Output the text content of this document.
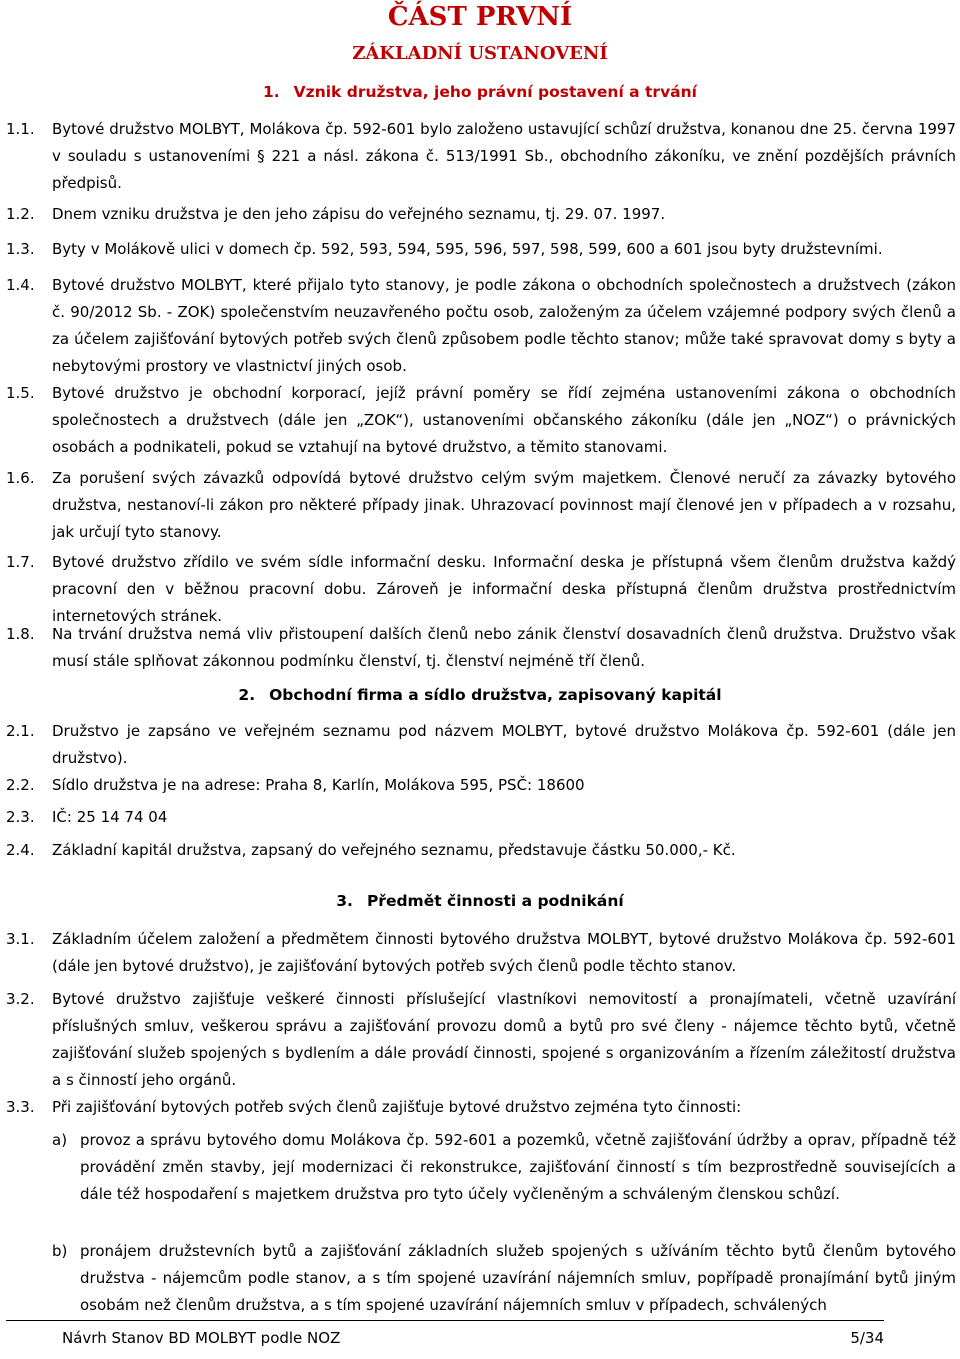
ČÁST PRVNÍ
ZÁKLADNÍ USTANOVENÍ
1. Vznik družstva, jeho právní postavení a trvání
1.1.	Bytové družstvo MOLBYT, Molákova čp. 592-601 bylo založeno ustavující schůzí družstva, konanou dne 25. června 1997 v souladu s ustanoveními § 221 a násl. zákona č. 513/1991 Sb., obchodního zákoníku, ve znění pozdějších právních předpisů.
1.2.	Dnem vzniku družstva je den jeho zápisu do veřejného seznamu, tj. 29. 07. 1997.
1.3.	Byty v Molákově ulici v domech čp. 592, 593, 594, 595, 596, 597, 598, 599, 600 a 601 jsou byty družstevními.
1.4.	Bytové družstvo MOLBYT, které přijalo tyto stanovy, je podle zákona o obchodních společnostech a družstvech (zákon č. 90/2012 Sb. - ZOK) společenstvím neuzavřeného počtu osob, založeným za účelem vzájemné podpory svých členů a za účelem zajišťování bytových potřeb svých členů způsobem podle těchto stanov; může také spravovat domy s byty a nebytovými prostory ve vlastnictví jiných osob.
1.5.	Bytové družstvo je obchodní korporací, jejíž právní poměry se řídí zejména ustanoveními zákona o obchodních společnostech a družstvech (dále jen „ZOK“), ustanoveními občanského zákoníku (dále jen „NOZ“) o právnických osobách a podnikateli, pokud se vztahují na bytové družstvo, a těmito stanovami.
1.6.	Za porušení svých závazků odpovídá bytové družstvo celým svým majetkem. Členové neručí za závazky bytového družstva, nestanoví-li zákon pro některé případy jinak. Uhrazovací povinnost mají členové jen v případech a v rozsahu, jak určují tyto stanovy.
1.7.	Bytové družstvo zřídilo ve svém sídle informační desku. Informační deska je přístupná všem členům družstva každý pracovní den v běžnou pracovní dobu. Zároveň je informační deska přístupná členům družstva prostřednictvím internetových stránek.
1.8.	Na trvání družstva nemá vliv přistoupení dalších členů nebo zánik členství dosavadních členů družstva. Družstvo však musí stále splňovat zákonnou podmínku členství, tj. členství nejméně tří členů.
2. Obchodní firma a sídlo družstva, zapisovaný kapitál
2.1.	Družstvo je zapsáno ve veřejném seznamu pod názvem MOLBYT, bytové družstvo Molákova čp. 592-601 (dále jen družstvo).
2.2.	Sídlo družstva je na adrese: Praha 8, Karlín, Molákova 595, PSČ: 18600
2.3.	IČ: 25 14 74 04
2.4.	Základní kapitál družstva, zapsaný do veřejného seznamu, představuje částku 50.000,- Kč.
3. Předmět činnosti a podnikání
3.1.	Základním účelem založení a předmětem činnosti bytového družstva MOLBYT, bytové družstvo Molákova čp. 592-601 (dále jen bytové družstvo), je zajišťování bytových potřeb svých členů podle těchto stanov.
3.2.	Bytové družstvo zajišťuje veškeré činnosti příslušející vlastníkovi nemovitostí a pronajímateli, včetně uzavírání příslušných smluv, veškerou správu a zajišťování provozu domů a bytů pro své členy - nájemce těchto bytů, včetně zajišťování služeb spojených s bydlením a dále provádí činnosti, spojené s organizováním a řízením záležitostí družstva a s činností jeho orgánů.
3.3.	Při zajišťování bytových potřeb svých členů zajišťuje bytové družstvo zejména tyto činnosti:
a) provoz a správu bytového domu Molákova čp. 592-601 a pozemků, včetně zajišťování údržby a oprav, případně též provádění změn stavby, její modernizaci či rekonstrukce, zajišťování činností s tím bezprostředně souvisejících a dále též hospodaření s majetkem družstva pro tyto účely vyčleněným a schváleným členskou schůzí.
b) pronájem družstevních bytů a zajišťování základních služeb spojených s užíváním těchto bytů členům bytového družstva - nájemcům podle stanov, a s tím spojené uzavírání nájemních smluv, popřípadě pronajímání bytů jiným osobám než členům družstva, a s tím spojené uzavírání nájemních smluv v případech, schválených
Návrh Stanov BD MOLBYT podle NOZ	5/34
